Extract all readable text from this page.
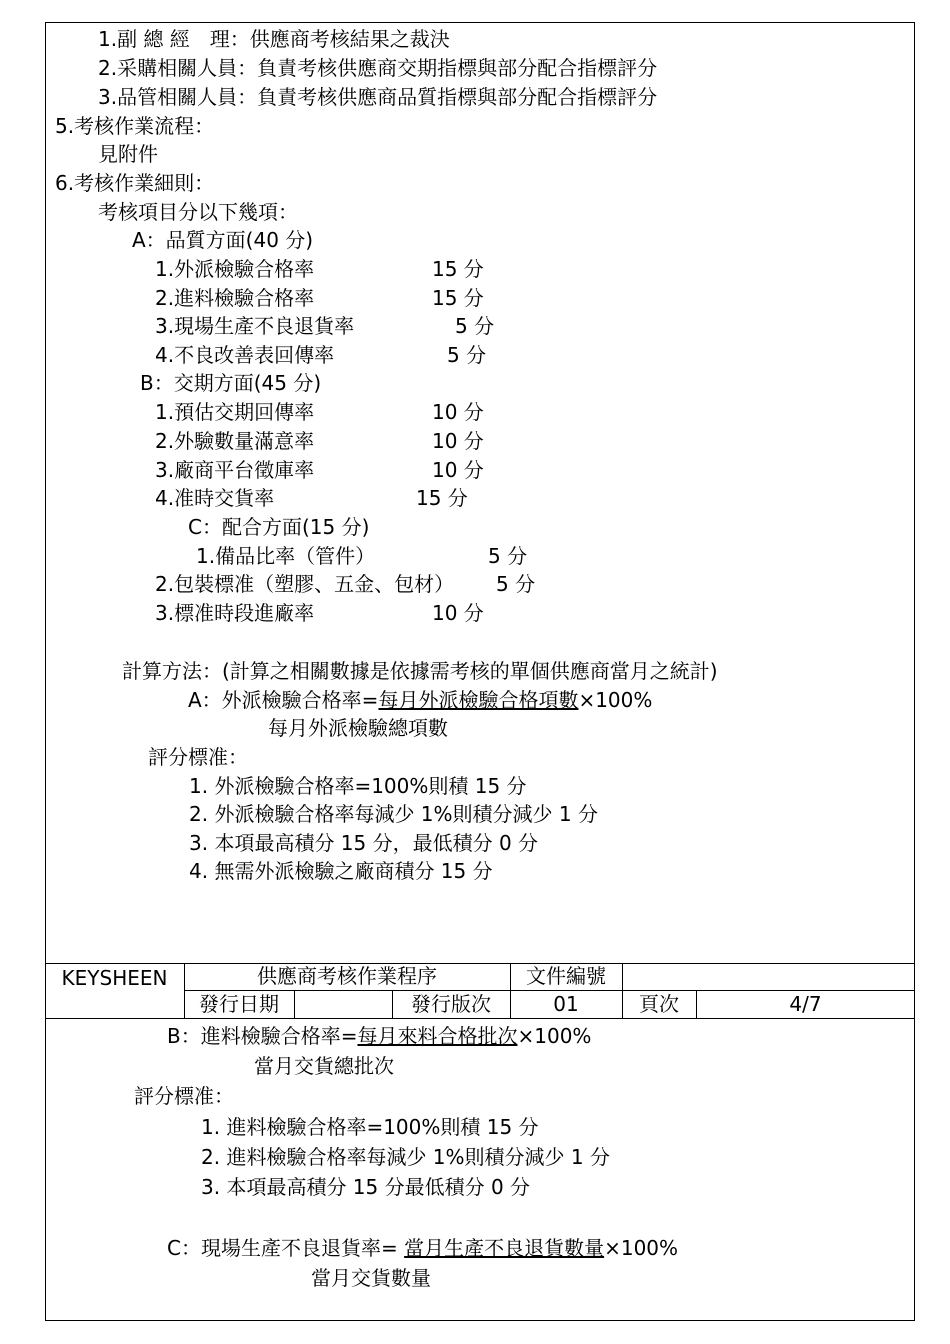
1.副 總 經　理：供應商考核結果之裁決
2.采購相關人員：負責考核供應商交期指標與部分配合指標評分
3.品管相關人員：負責考核供應商品質指標與部分配合指標評分
5.考核作業流程：
見附件
6.考核作業細則：
考核項目分以下幾項：
A：品質方面(40 分)
1.外派檢驗合格率	15 分
2.進料檢驗合格率	15 分
3.現場生產不良退貨率	5 分
4.不良改善表回傳率	5 分
B：交期方面(45 分)
1.預估交期回傳率	10 分
2.外驗數量滿意率	10 分
3.廠商平台徵庫率	10 分
4.准時交貨率	15 分
C：配合方面(15 分)
1.備品比率（管件）	5 分
2.包裝標准（塑膠、五金、包材） 5 分
3.標准時段進廠率	10 分
計算方法：(計算之相關數據是依據需考核的單個供應商當月之統計)
A：外派檢驗合格率=每月外派檢驗合格項數×100%
每月外派檢驗總項數
評分標准：
1. 外派檢驗合格率=100%則積 15 分
2. 外派檢驗合格率每減少 1%則積分減少 1 分
3. 本項最高積分 15 分，最低積分 0 分
4. 無需外派檢驗之廠商積分 15 分
KEYSHEEN	供應商考核作業程序	文件編號
發行日期	發行版次	01	頁次	4/7
B：進料檢驗合格率=每月來料合格批次×100%
當月交貨總批次
評分標准：
1. 進料檢驗合格率=100%則積 15 分
2. 進料檢驗合格率每減少 1%則積分減少 1 分
3. 本項最高積分 15 分最低積分 0 分
C：現場生產不良退貨率= 當月生產不良退貨數量×100%
當月交貨數量
